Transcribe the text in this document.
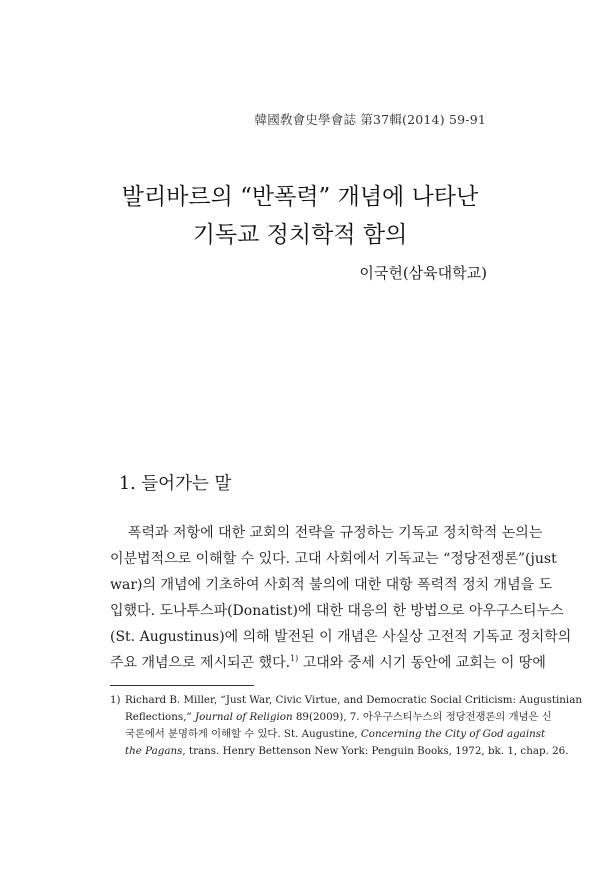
韓國敎會史學會誌 第37輯(2014) 59-91
발리바르의 “반폭력” 개념에 나타난
기독교 정치학적 함의
이국헌(삼육대학교)
1. 들어가는 말
폭력과 저항에 대한 교회의 전략을 규정하는 기독교 정치학적 논의는
이분법적으로 이해할 수 있다. 고대 사회에서 기독교는 “정당전쟁론”(just
war)의 개념에 기초하여 사회적 불의에 대한 대항 폭력적 정치 개념을 도
입했다. 도나투스파(Donatist)에 대한 대응의 한 방법으로 아우구스티누스
(St. Augustinus)에 의해 발전된 이 개념은 사실상 고전적 기독교 정치학의
주요 개념으로 제시되곤 했다.$^{1)}$ 고대와 중세 시기 동안에 교회는 이 땅에
1) Richard B. Miller, “Just War, Civic Virtue, and Democratic Social Criticism: Augustinian
Reflections,” Journal of Religion 89(2009), 7. 아우구스티누스의 정당전쟁론의 개념은 신
국론에서 분명하게 이해할 수 있다. St. Augustine, Concerning the City of God against
the Pagans, trans. Henry Bettenson New York: Penguin Books, 1972, bk. 1, chap. 26.
